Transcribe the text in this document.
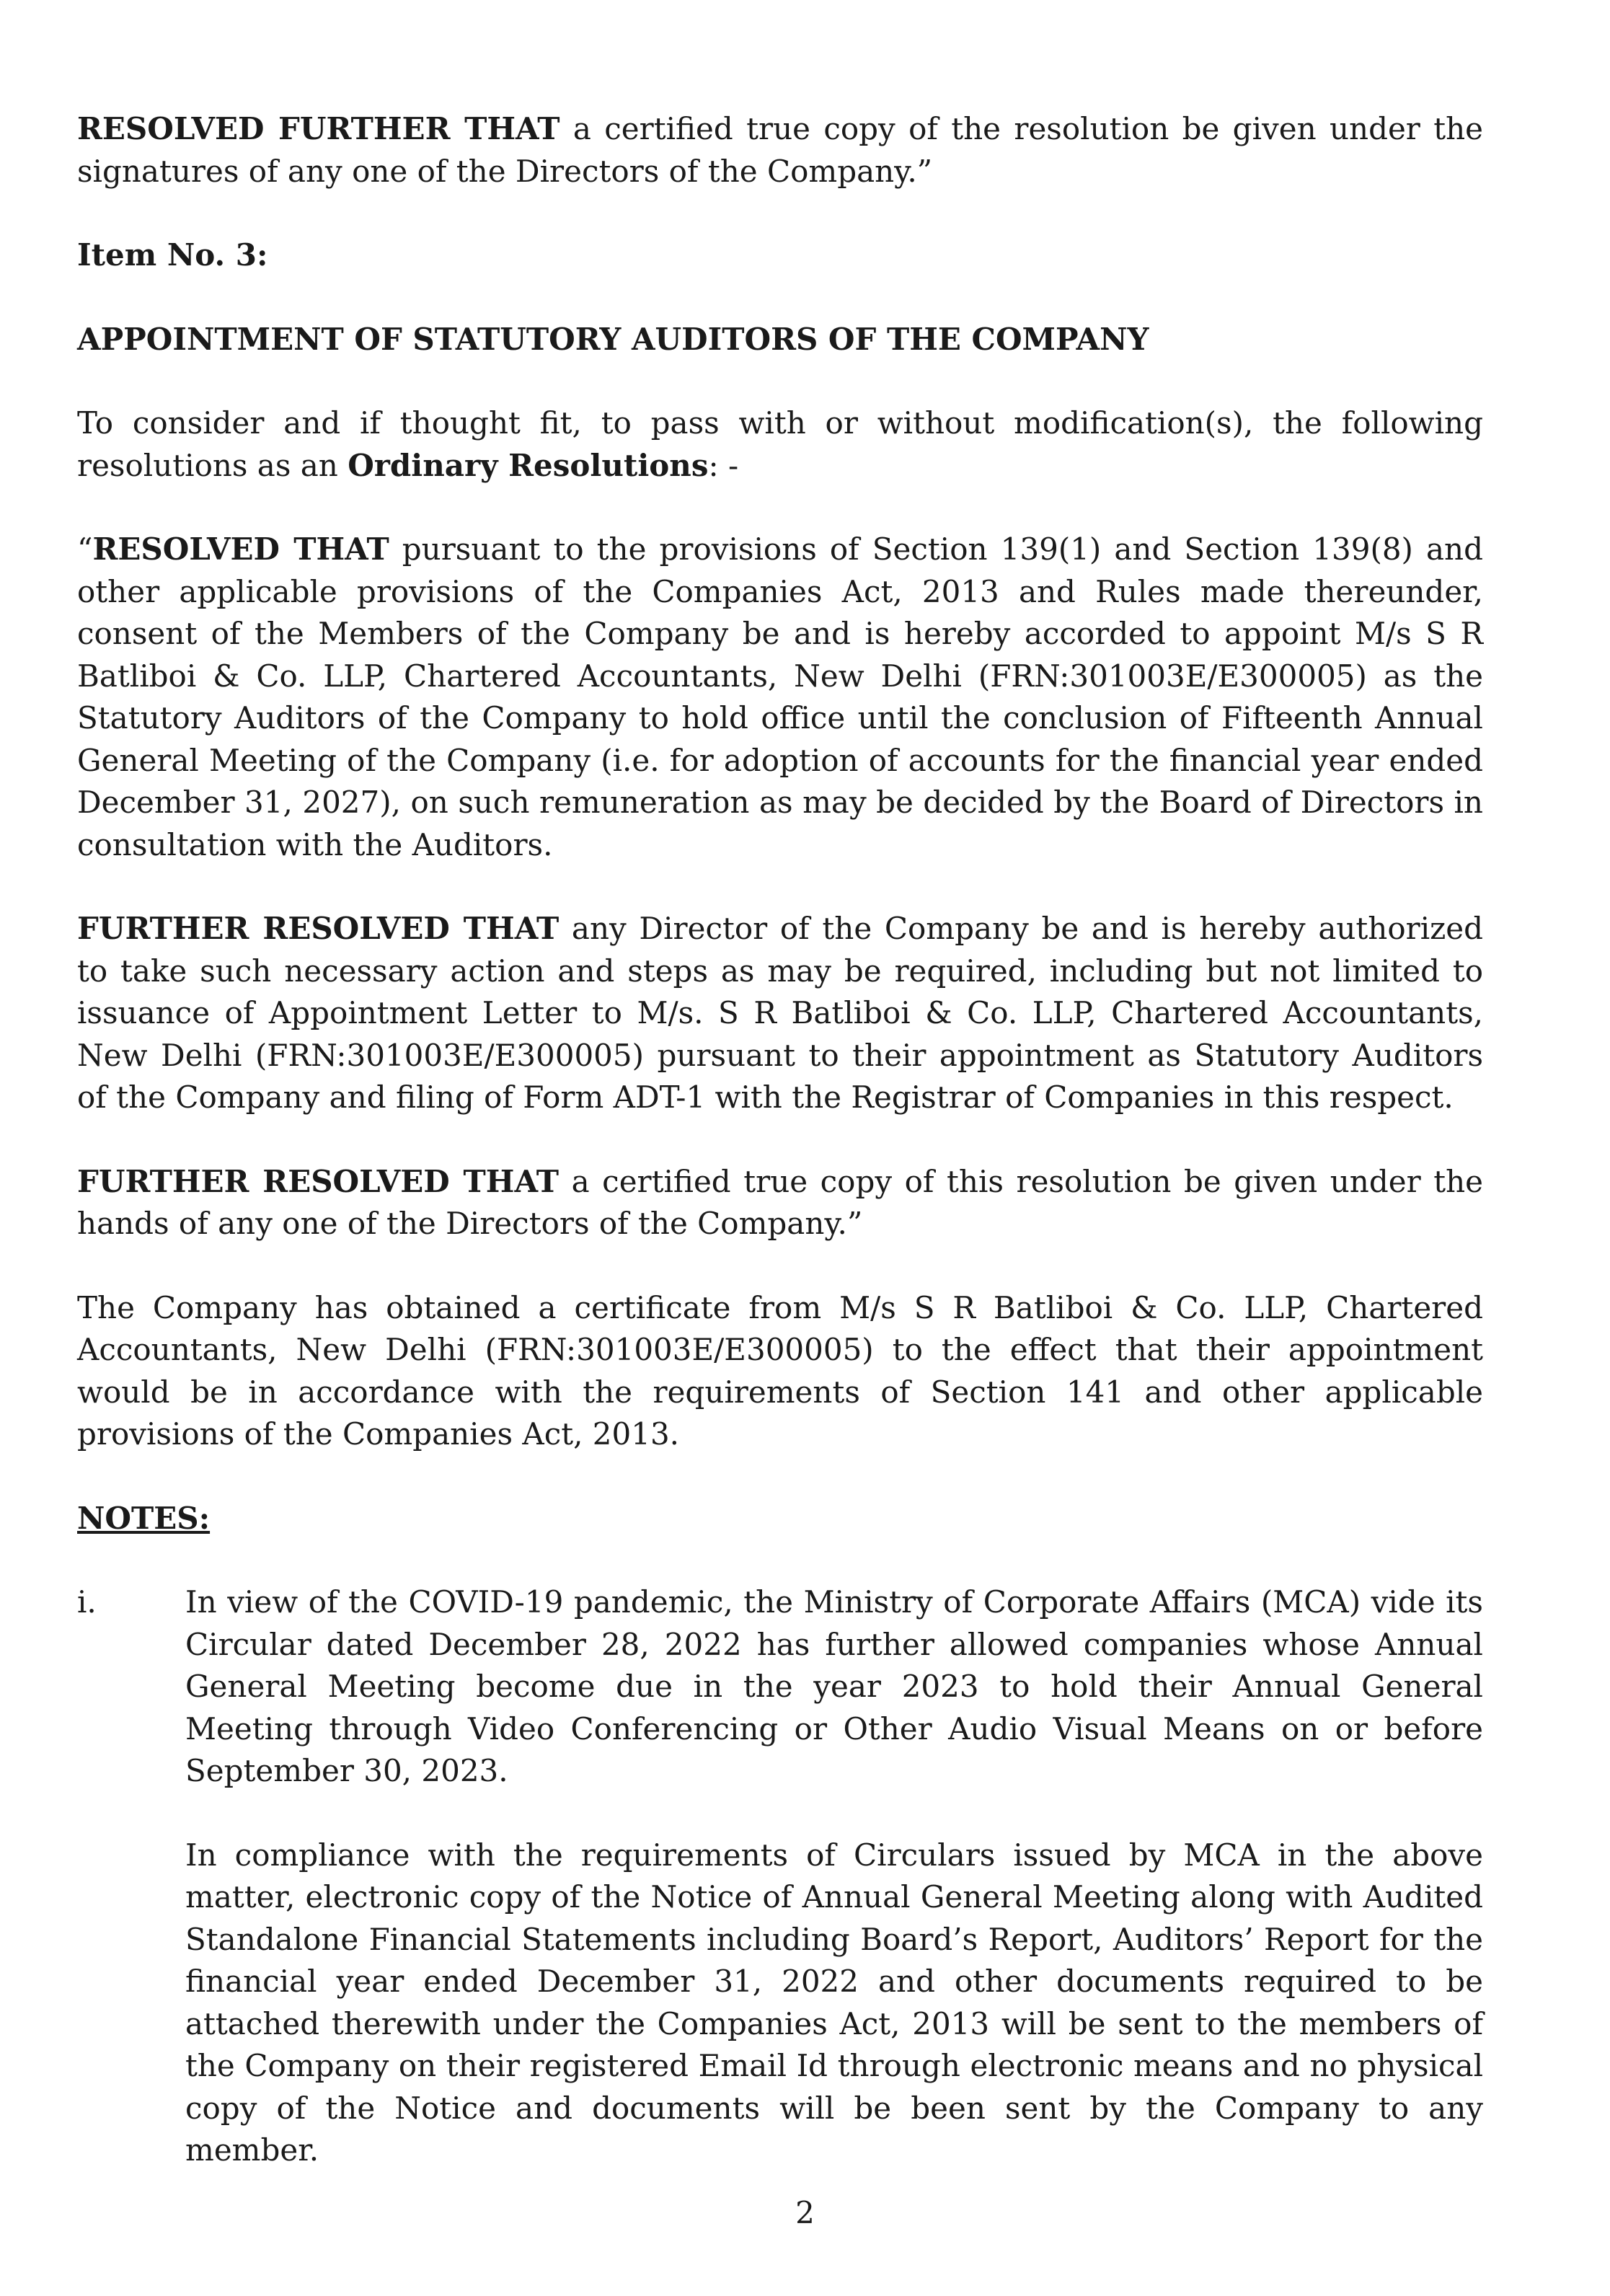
RESOLVED FURTHER THAT a certified true copy of the resolution be given under the signatures of any one of the Directors of the Company.”

Item No. 3:

APPOINTMENT OF STATUTORY AUDITORS OF THE COMPANY

To consider and if thought fit, to pass with or without modification(s), the following resolutions as an Ordinary Resolutions: -

“RESOLVED THAT pursuant to the provisions of Section 139(1) and Section 139(8) and other applicable provisions of the Companies Act, 2013 and Rules made thereunder, consent of the Members of the Company be and is hereby accorded to appoint M/s S R Batliboi & Co. LLP, Chartered Accountants, New Delhi (FRN:301003E/E300005) as the Statutory Auditors of the Company to hold office until the conclusion of Fifteenth Annual General Meeting of the Company (i.e. for adoption of accounts for the financial year ended December 31, 2027), on such remuneration as may be decided by the Board of Directors in consultation with the Auditors.

FURTHER RESOLVED THAT any Director of the Company be and is hereby authorized to take such necessary action and steps as may be required, including but not limited to issuance of Appointment Letter to M/s. S R Batliboi & Co. LLP, Chartered Accountants, New Delhi (FRN:301003E/E300005) pursuant to their appointment as Statutory Auditors of the Company and filing of Form ADT-1 with the Registrar of Companies in this respect.

FURTHER RESOLVED THAT a certified true copy of this resolution be given under the hands of any one of the Directors of the Company.”

The Company has obtained a certificate from M/s S R Batliboi & Co. LLP, Chartered Accountants, New Delhi (FRN:301003E/E300005) to the effect that their appointment would be in accordance with the requirements of Section 141 and other applicable provisions of the Companies Act, 2013.

NOTES:

i.	In view of the COVID-19 pandemic, the Ministry of Corporate Affairs (MCA) vide its Circular dated December 28, 2022 has further allowed companies whose Annual General Meeting become due in the year 2023 to hold their Annual General Meeting through Video Conferencing or Other Audio Visual Means on or before September 30, 2023.

In compliance with the requirements of Circulars issued by MCA in the above matter, electronic copy of the Notice of Annual General Meeting along with Audited Standalone Financial Statements including Board’s Report, Auditors’ Report for the financial year ended December 31, 2022 and other documents required to be attached therewith under the Companies Act, 2013 will be sent to the members of the Company on their registered Email Id through electronic means and no physical copy of the Notice and documents will be been sent by the Company to any member.

2
